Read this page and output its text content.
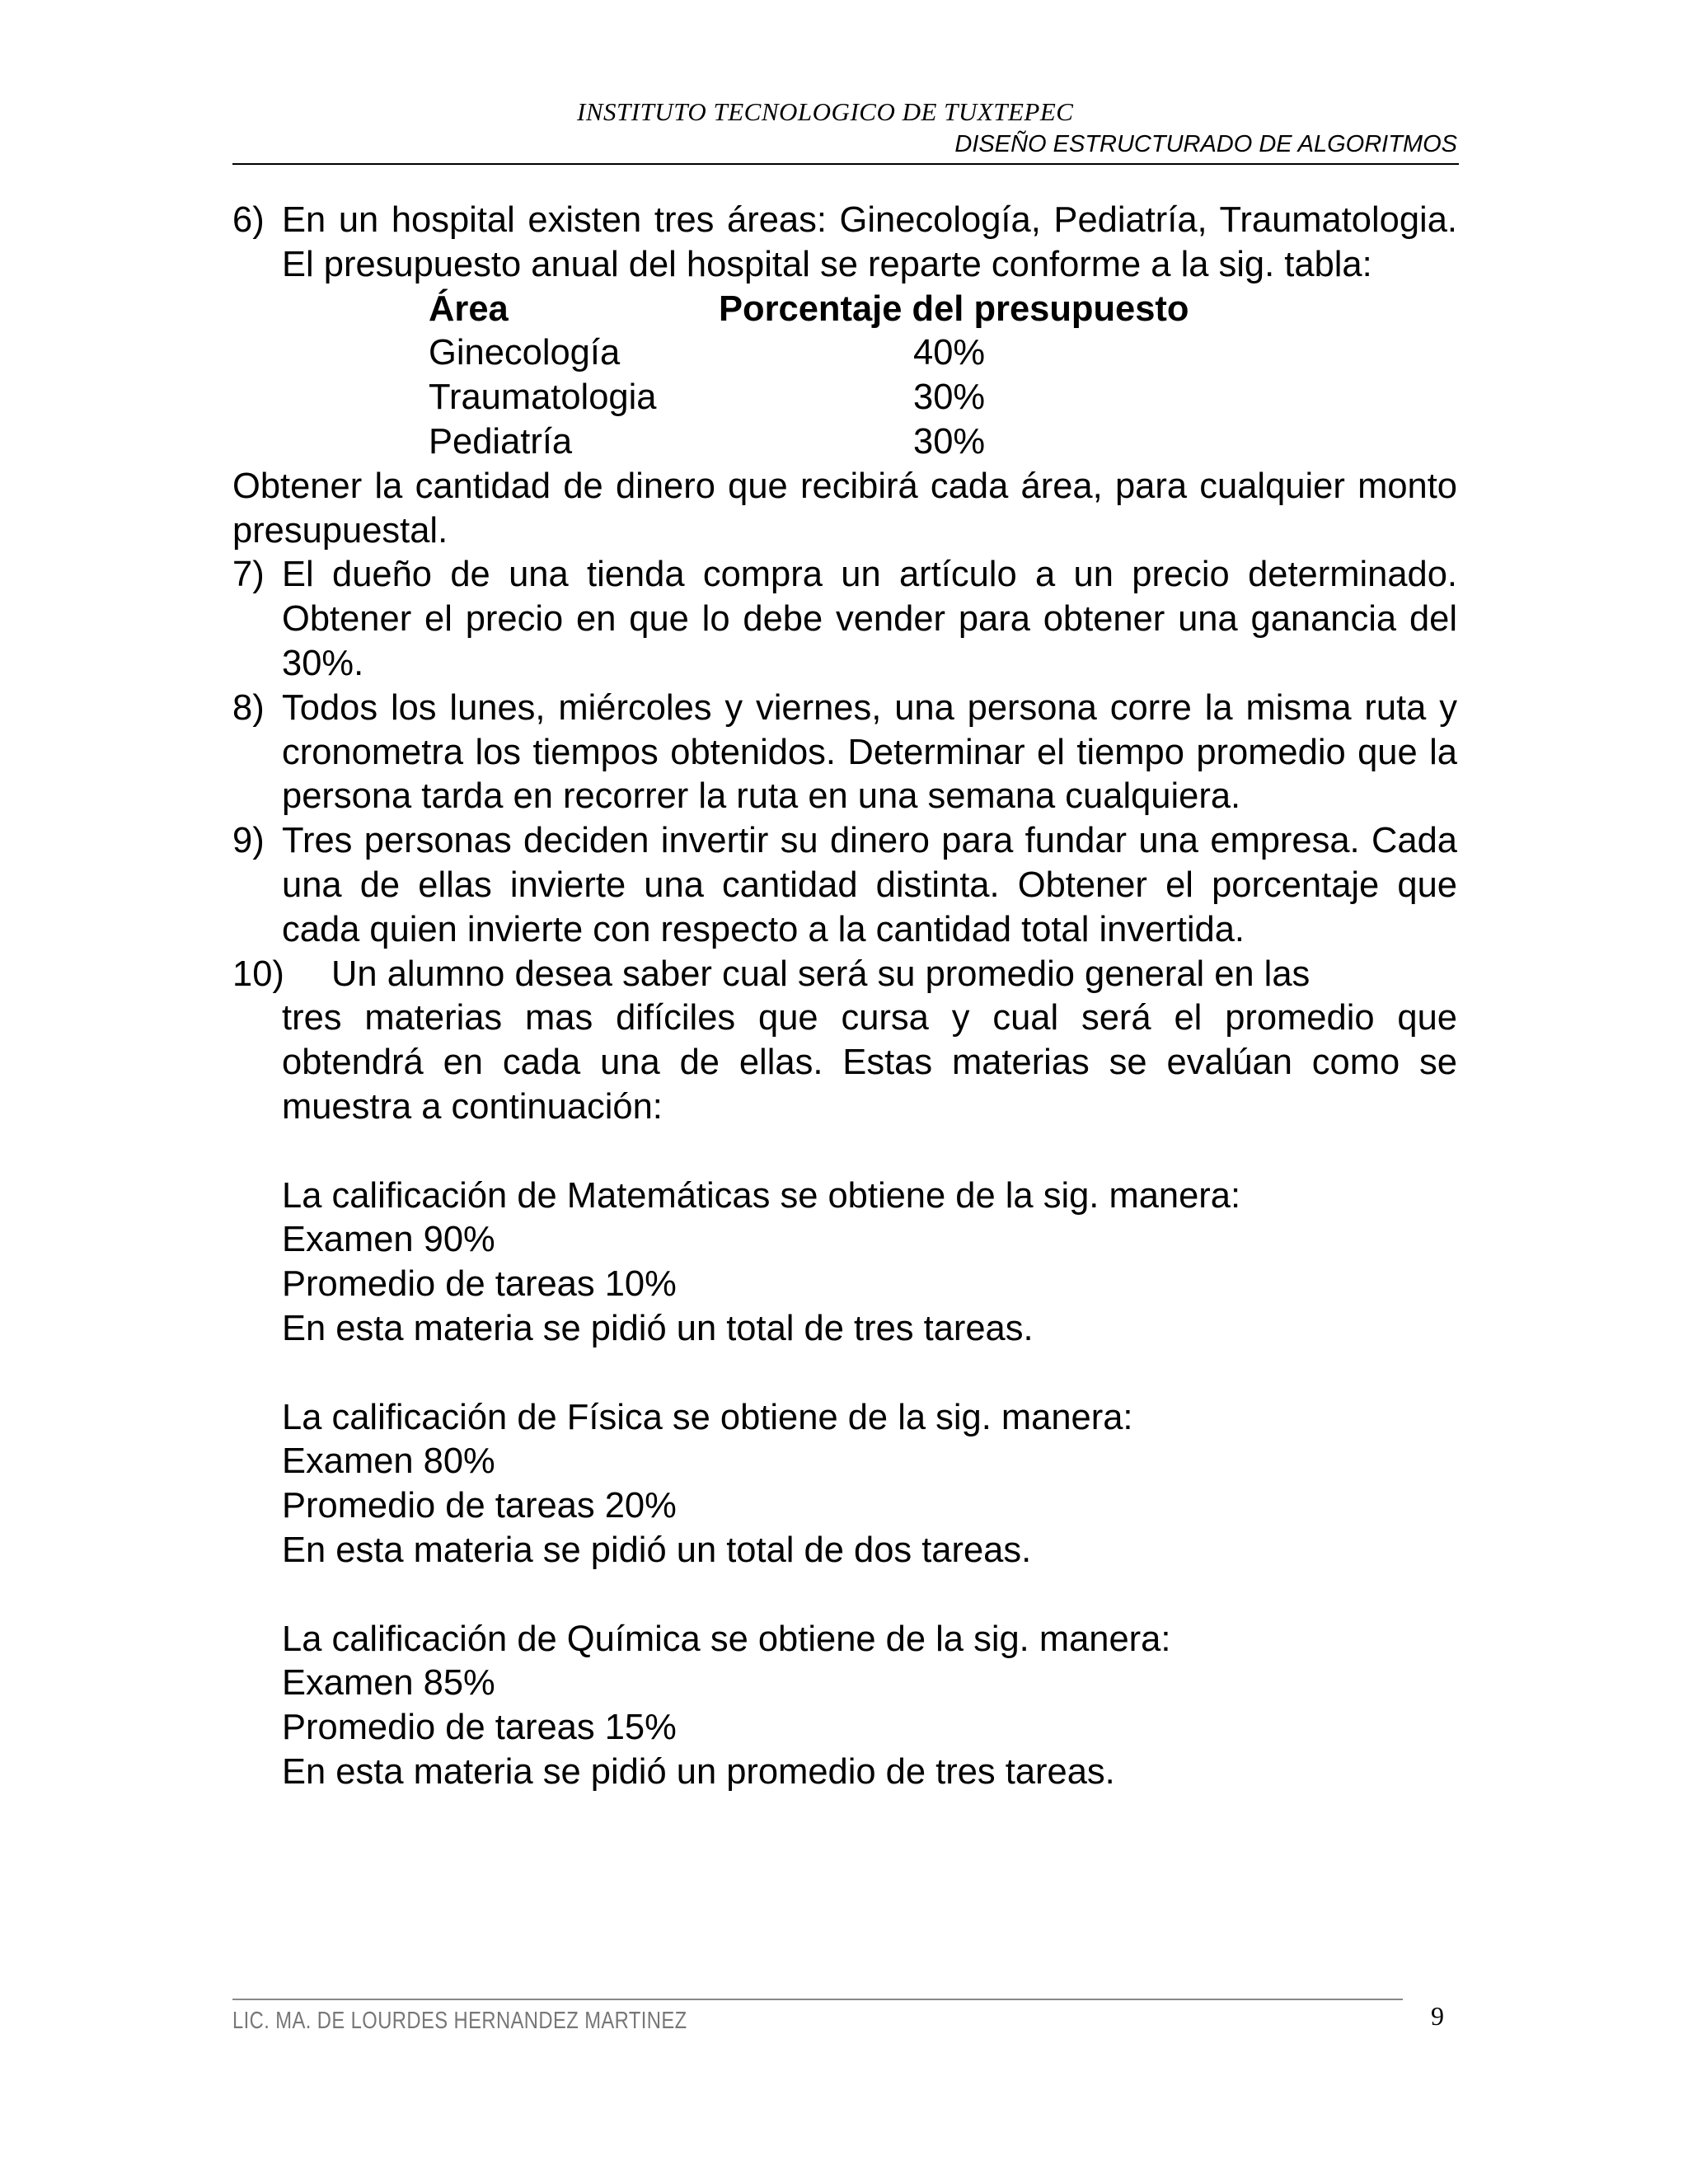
INSTITUTO TECNOLOGICO DE TUXTEPEC
DISEÑO ESTRUCTURADO DE ALGORITMOS
6) En un hospital existen tres áreas: Ginecología, Pediatría, Traumatologia. El presupuesto anual del hospital se reparte conforme a la sig. tabla:
Área	Porcentaje del presupuesto
Ginecología	40%
Traumatologia	30%
Pediatría	30%
Obtener la cantidad de dinero que recibirá cada área, para cualquier monto presupuestal.
7) El dueño de una tienda compra un artículo a un precio determinado. Obtener el precio en que lo debe vender para obtener una ganancia del 30%.
8) Todos los lunes, miércoles y viernes, una persona corre la misma ruta y cronometra los tiempos obtenidos. Determinar el tiempo promedio que la persona tarda en recorrer la ruta en una semana cualquiera.
9) Tres personas deciden invertir su dinero para fundar una empresa. Cada una de ellas invierte una cantidad distinta. Obtener el porcentaje que cada quien invierte con respecto a la cantidad total invertida.
10)	Un alumno desea saber cual será su promedio general en las
tres materias mas difíciles que cursa y cual será el promedio que obtendrá en cada una de ellas. Estas materias se evalúan como se muestra a continuación:
La calificación de Matemáticas se obtiene de la sig. manera:
Examen 90%
Promedio de tareas 10%
En esta materia se pidió un total de tres tareas.
La calificación de Física se obtiene de la sig. manera:
Examen 80%
Promedio de tareas 20%
En esta materia se pidió un total de dos tareas.
La calificación de Química se obtiene de la sig. manera:
Examen 85%
Promedio de tareas 15%
En esta materia se pidió un promedio de tres tareas.
LIC. MA. DE LOURDES HERNANDEZ MARTINEZ	9
